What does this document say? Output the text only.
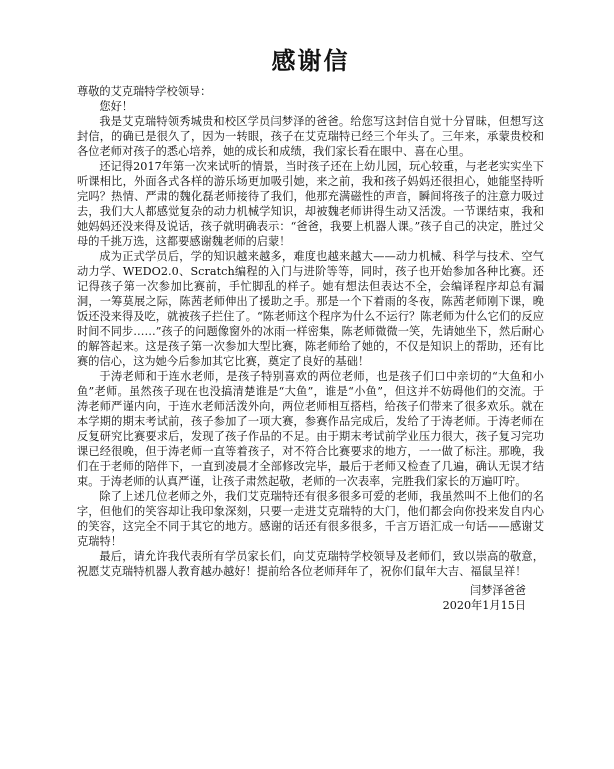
感谢信

尊敬的艾克瑞特学校领导：

您好！

我是艾克瑞特领秀城贵和校区学员闫梦泽的爸爸。给您写这封信自觉十分冒昧，但想写这封信，的确已是很久了，因为一转眼，孩子在艾克瑞特已经三个年头了。三年来，承蒙贵校和各位老师对孩子的悉心培养，她的成长和成绩，我们家长看在眼中、喜在心里。

还记得2017年第一次来试听的情景，当时孩子还在上幼儿园，玩心较重，与老老实实坐下听课相比，外面各式各样的游乐场更加吸引她，来之前，我和孩子妈妈还很担心，她能坚持听完吗？热情、严肃的魏化磊老师接待了我们，他那充满磁性的声音，瞬间将孩子的注意力吸过去，我们大人都感觉复杂的动力机械学知识，却被魏老师讲得生动又活泼。一节课结束，我和她妈妈还没来得及说话，孩子就明确表示：“爸爸，我要上机器人课。”孩子自己的决定，胜过父母的千挑万选，这都要感谢魏老师的启蒙！

成为正式学员后，学的知识越来越多，难度也越来越大——动力机械、科学与技术、空气动力学、WEDO2.0、Scratch编程的入门与进阶等等，同时，孩子也开始参加各种比赛。还记得孩子第一次参加比赛前，手忙脚乱的样子。她有想法但表达不全，会编译程序却总有漏洞，一筹莫展之际，陈茜老师伸出了援助之手。那是一个下着雨的冬夜，陈茜老师刚下课，晚饭还没来得及吃，就被孩子拦住了。“陈老师这个程序为什么不运行？陈老师为什么它们的反应时间不同步……”孩子的问题像窗外的冰雨一样密集，陈老师微微一笑，先请她坐下，然后耐心的解答起来。这是孩子第一次参加大型比赛，陈老师给了她的，不仅是知识上的帮助，还有比赛的信心，这为她今后参加其它比赛，奠定了良好的基础！

于涛老师和于连水老师，是孩子特别喜欢的两位老师，也是孩子们口中亲切的“大鱼和小鱼”老师。虽然孩子现在也没搞清楚谁是“大鱼”，谁是“小鱼”，但这并不妨碍他们的交流。于涛老师严谨内向，于连水老师活泼外向，两位老师相互搭档，给孩子们带来了很多欢乐。就在本学期的期末考试前，孩子参加了一项大赛，参赛作品完成后，发给了于涛老师。于涛老师在反复研究比赛要求后，发现了孩子作品的不足。由于期末考试前学业压力很大，孩子复习完功课已经很晚，但于涛老师一直等着孩子，对不符合比赛要求的地方，一一做了标注。那晚，我们在于老师的陪伴下，一直到凌晨才全部修改完毕，最后于老师又检查了几遍，确认无误才结束。于涛老师的认真严谨，让孩子肃然起敬，老师的一次表率，完胜我们家长的万遍叮咛。

除了上述几位老师之外，我们艾克瑞特还有很多很多可爱的老师，我虽然叫不上他们的名字，但他们的笑容却让我印象深刻，只要一走进艾克瑞特的大门，他们都会向你投来发自内心的笑容，这完全不同于其它的地方。感谢的话还有很多很多，千言万语汇成一句话——感谢艾克瑞特！

最后，请允许我代表所有学员家长们，向艾克瑞特学校领导及老师们，致以崇高的敬意，祝愿艾克瑞特机器人教育越办越好！提前给各位老师拜年了，祝你们鼠年大吉、福鼠呈祥！

闫梦泽爸爸

2020年1月15日
